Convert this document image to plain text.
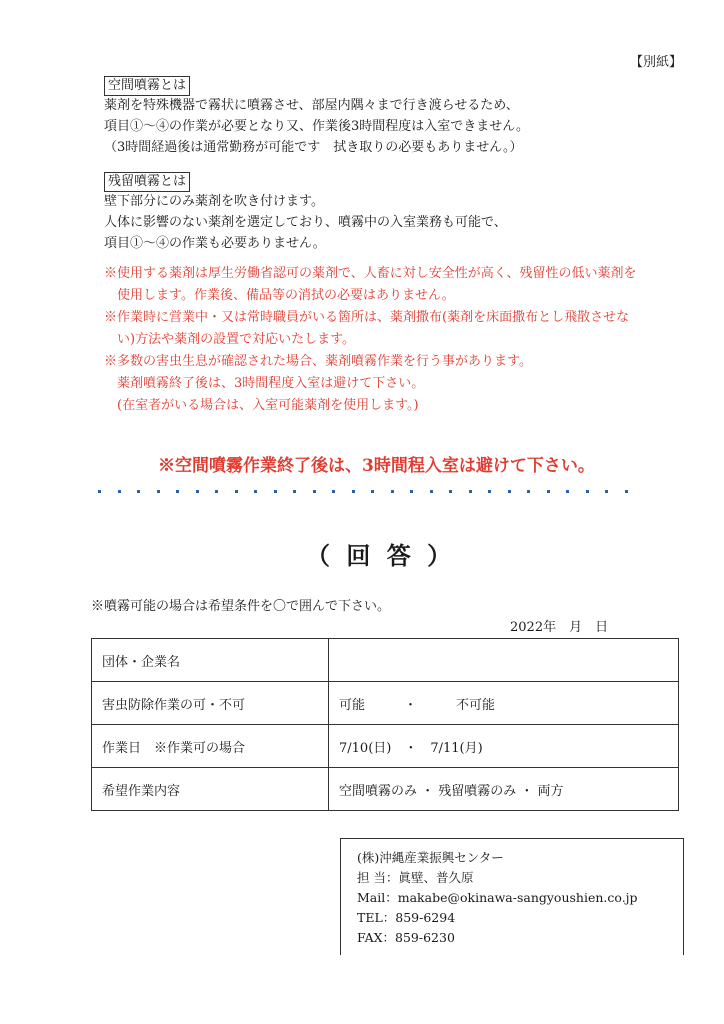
【別紙】
空間噴霧とは
薬剤を特殊機器で霧状に噴霧させ、部屋内隅々まで行き渡らせるため、
項目①～④の作業が必要となり又、作業後3時間程度は入室できません。
（3時間経過後は通常勤務が可能です　拭き取りの必要もありません。）
残留噴霧とは
壁下部分にのみ薬剤を吹き付けます。
人体に影響のない薬剤を選定しており、噴霧中の入室業務も可能で、
項目①～④の作業も必要ありません。
※使用する薬剤は厚生労働省認可の薬剤で、人畜に対し安全性が高く、残留性の低い薬剤を
　使用します。作業後、備品等の消拭の必要はありません。
※作業時に営業中・又は常時職員がいる箇所は、薬剤撒布(薬剤を床面撒布とし飛散させな
　い)方法や薬剤の設置で対応いたします。
※多数の害虫生息が確認された場合、薬剤噴霧作業を行う事があります。
　薬剤噴霧終了後は、3時間程度入室は避けて下さい。
　(在室者がいる場合は、入室可能薬剤を使用します。)
※空間噴霧作業終了後は、3時間程入室は避けて下さい。
（ 回 答 ）
※噴霧可能の場合は希望条件を〇で囲んで下さい。
2022年　月　日
団体・企業名	
害虫防除作業の可・不可	可能　　　・　　　不可能
作業日　※作業可の場合	7/10(日)　・　7/11(月)
希望作業内容	空間噴霧のみ ・ 残留噴霧のみ ・ 両方
(株)沖縄産業振興センター
担 当：眞壁、普久原
Mail：makabe@okinawa-sangyoushien.co.jp
TEL：859-6294
FAX：859-6230
